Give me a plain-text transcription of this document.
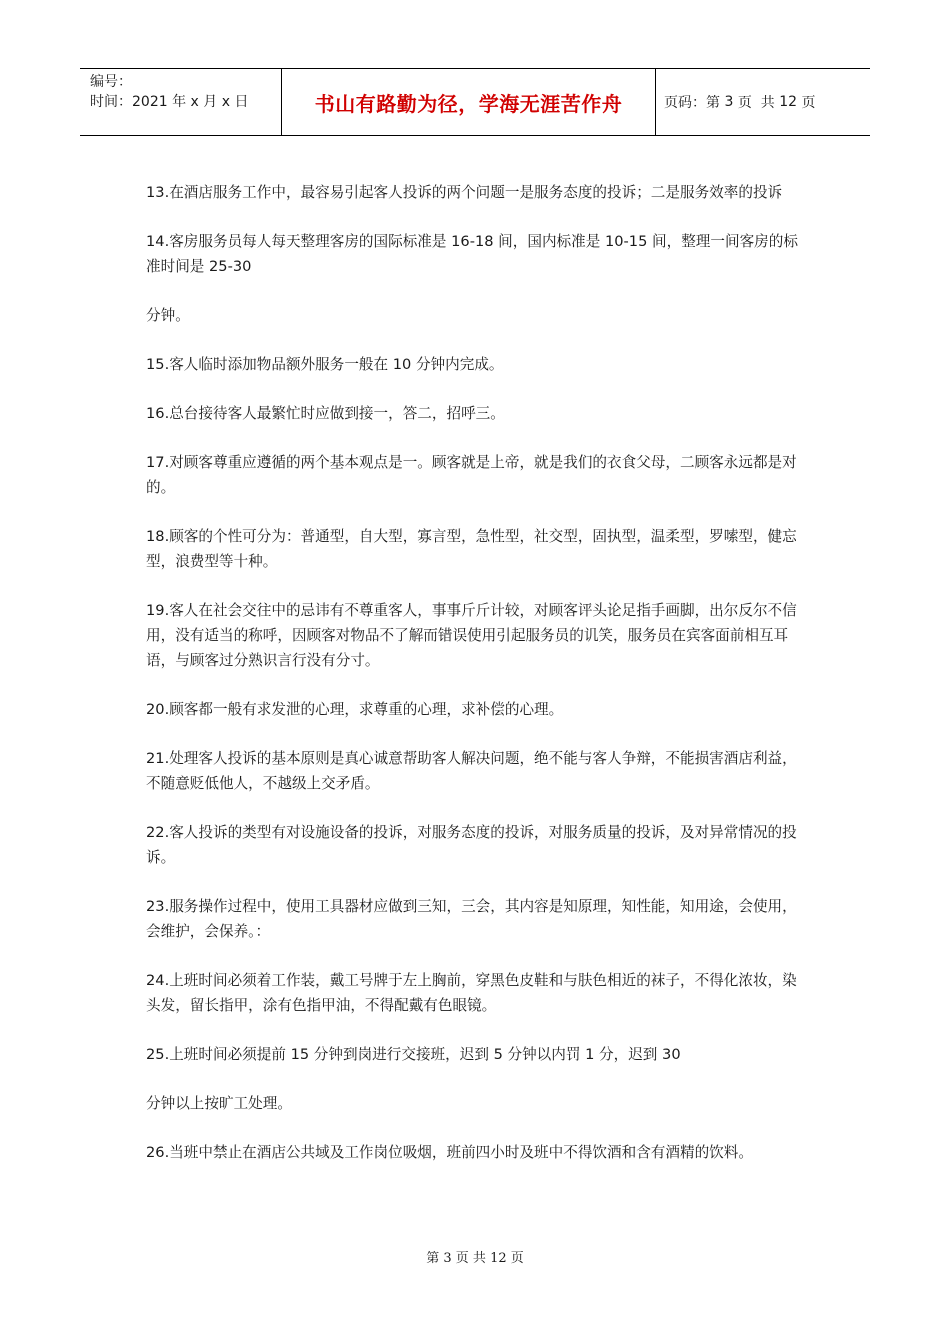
编号：
时间：2021 年 x 月 x 日	书山有路勤为径，学海无涯苦作舟	页码：第 3 页  共 12 页

13.在酒店服务工作中，最容易引起客人投诉的两个问题一是服务态度的投诉；二是服务效率的投诉

14.客房服务员每人每天整理客房的国际标准是 16-18 间，国内标准是 10-15 间，整理一间客房的标准时间是 25-30

分钟。

15.客人临时添加物品额外服务一般在 10 分钟内完成。

16.总台接待客人最繁忙时应做到接一，答二，招呼三。

17.对顾客尊重应遵循的两个基本观点是一。顾客就是上帝，就是我们的衣食父母，二顾客永远都是对的。

18.顾客的个性可分为：普通型，自大型，寡言型，急性型，社交型，固执型，温柔型，罗嗦型，健忘型，浪费型等十种。

19.客人在社会交往中的忌讳有不尊重客人，事事斤斤计较，对顾客评头论足指手画脚，出尔反尔不信用，没有适当的称呼，因顾客对物品不了解而错误使用引起服务员的讥笑，服务员在宾客面前相互耳语，与顾客过分熟识言行没有分寸。

20.顾客都一般有求发泄的心理，求尊重的心理，求补偿的心理。

21.处理客人投诉的基本原则是真心诚意帮助客人解决问题，绝不能与客人争辩，不能损害酒店利益，不随意贬低他人，不越级上交矛盾。

22.客人投诉的类型有对设施设备的投诉，对服务态度的投诉，对服务质量的投诉，及对异常情况的投诉。

23.服务操作过程中，使用工具器材应做到三知，三会，其内容是知原理，知性能，知用途，会使用，会维护，会保养。：

24.上班时间必须着工作装，戴工号牌于左上胸前，穿黑色皮鞋和与肤色相近的袜子，不得化浓妆，染头发，留长指甲，涂有色指甲油，不得配戴有色眼镜。

25.上班时间必须提前 15 分钟到岗进行交接班，迟到 5 分钟以内罚 1 分，迟到 30

分钟以上按旷工处理。

26.当班中禁止在酒店公共域及工作岗位吸烟，班前四小时及班中不得饮酒和含有酒精的饮料。

第 3 页 共 12 页
